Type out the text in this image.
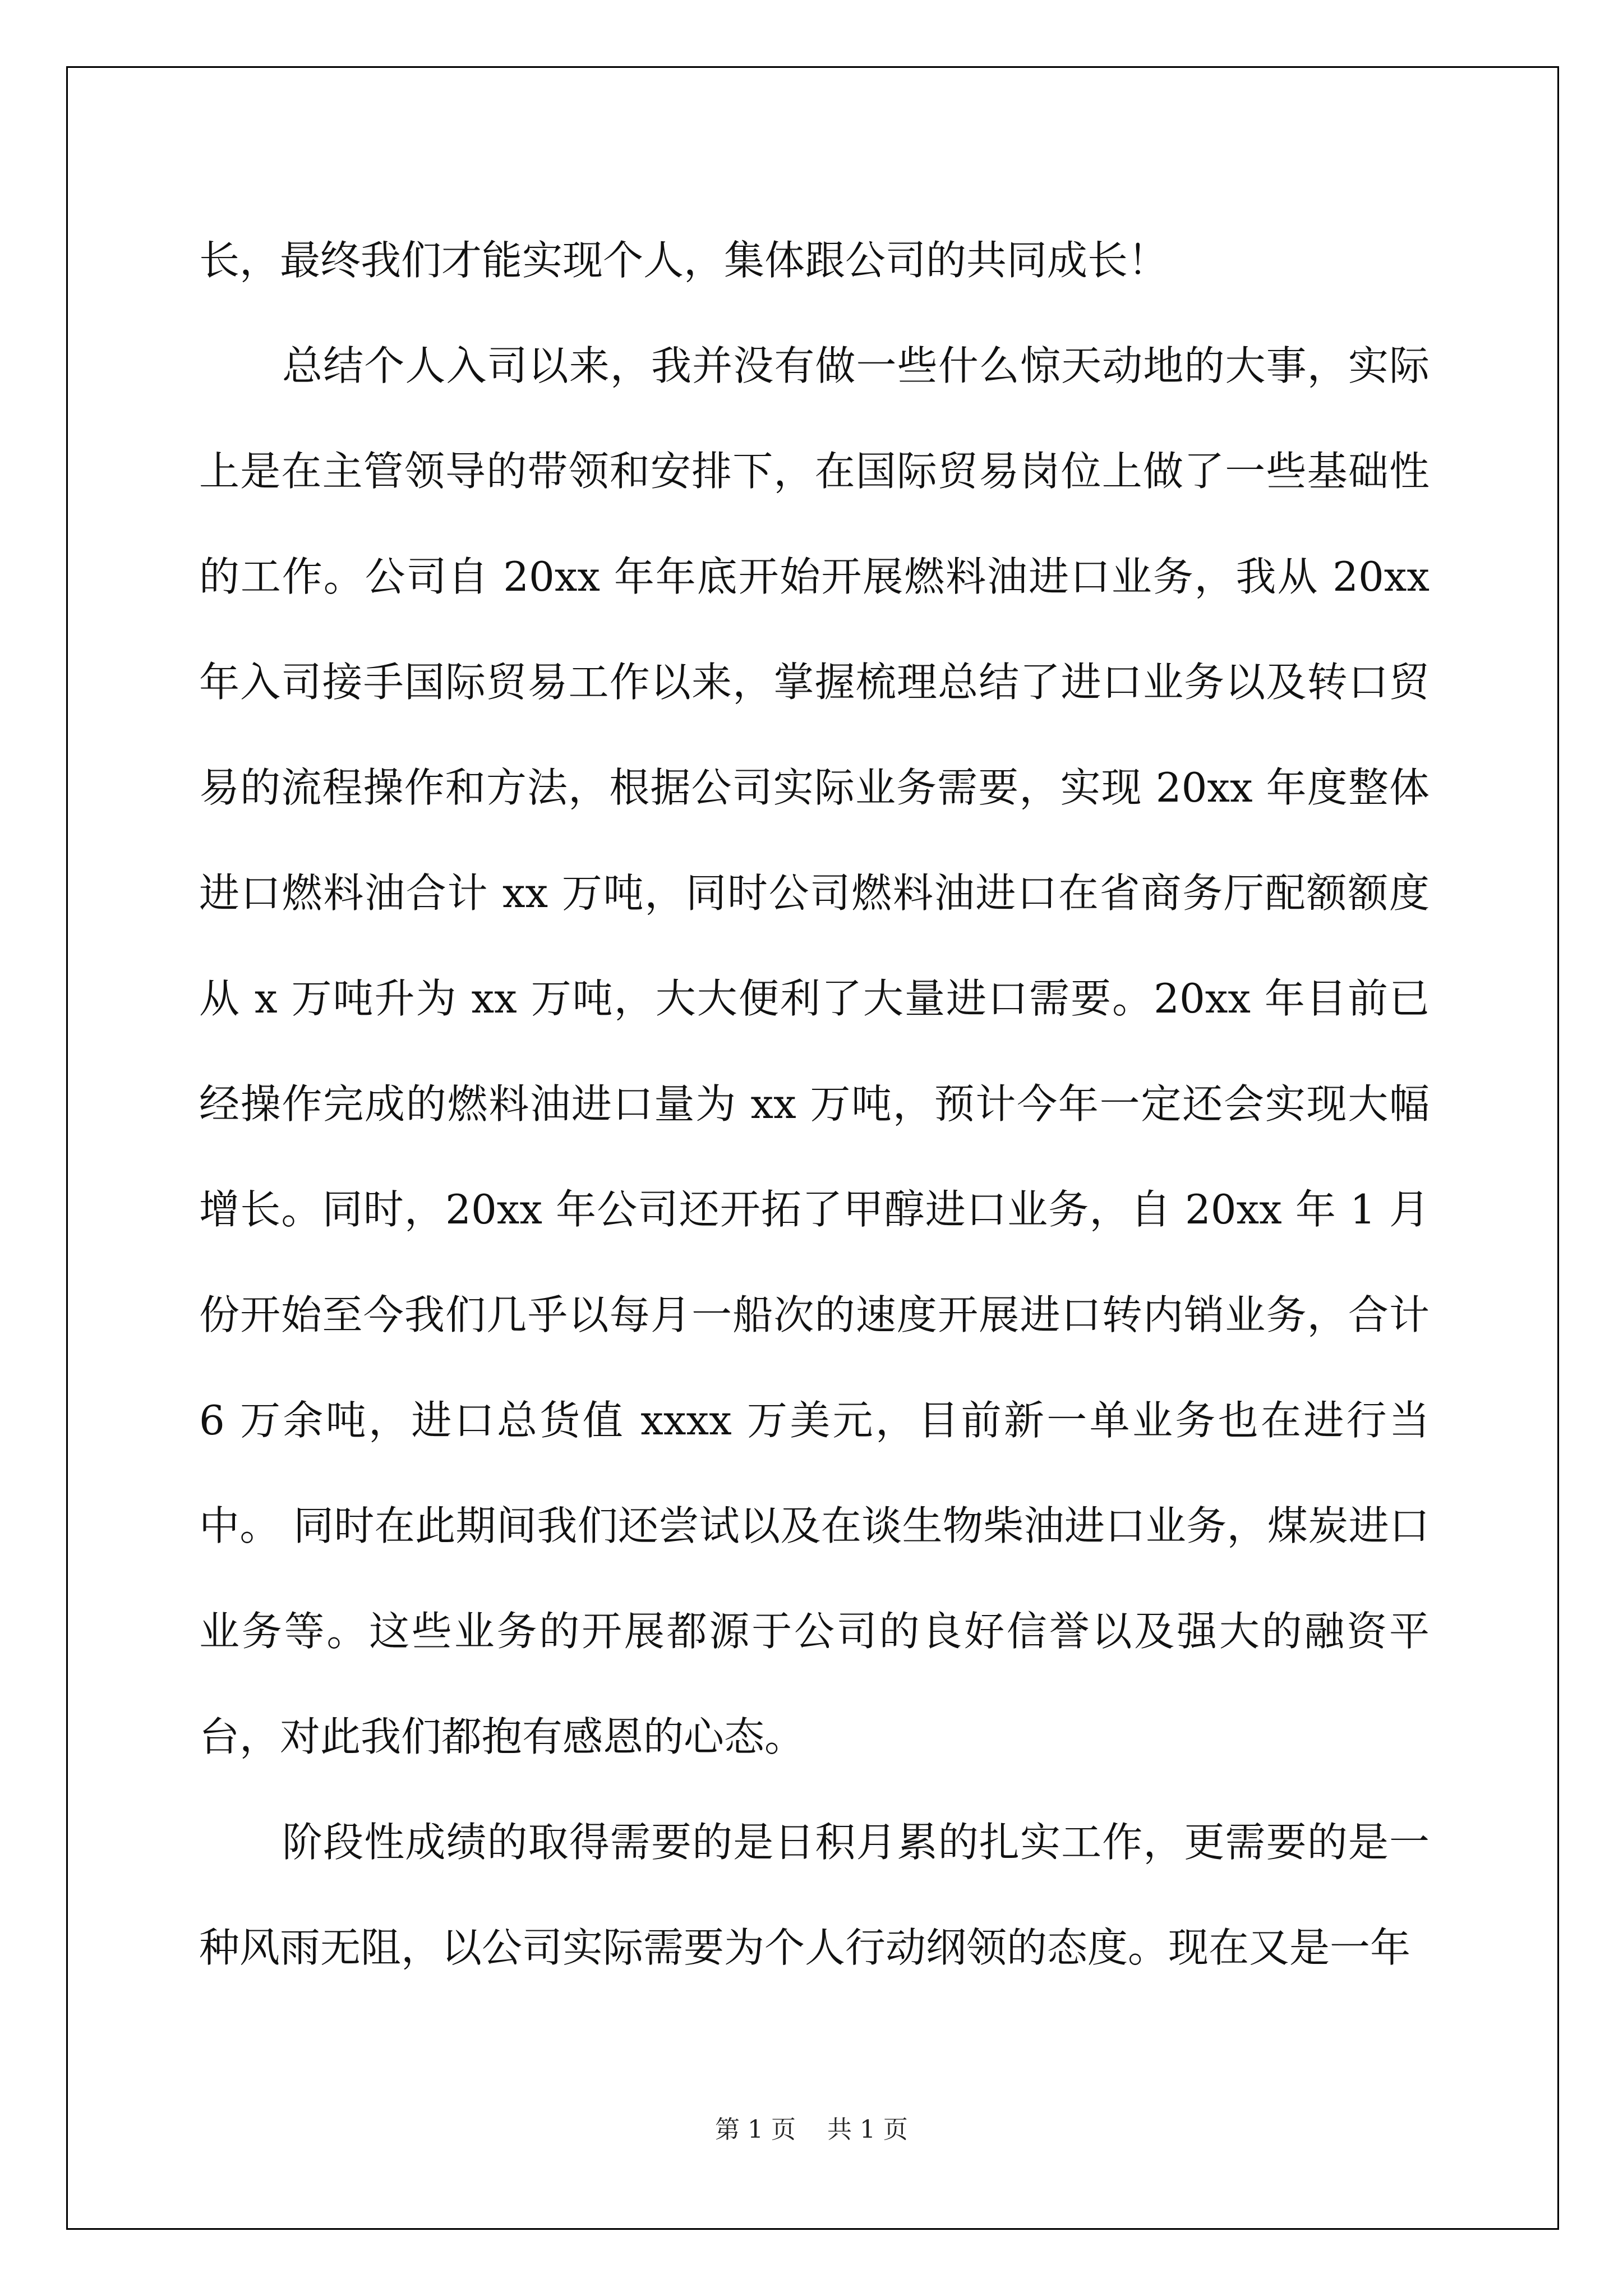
长，最终我们才能实现个人，集体跟公司的共同成长！

总结个人入司以来，我并没有做一些什么惊天动地的大事，实际上是在主管领导的带领和安排下，在国际贸易岗位上做了一些基础性的工作。公司自 20xx 年年底开始开展燃料油进口业务，我从 20xx 年入司接手国际贸易工作以来，掌握梳理总结了进口业务以及转口贸易的流程操作和方法，根据公司实际业务需要，实现 20xx 年度整体进口燃料油合计 xx 万吨，同时公司燃料油进口在省商务厅配额额度从 x 万吨升为 xx 万吨，大大便利了大量进口需要。20xx 年目前已经操作完成的燃料油进口量为 xx 万吨，预计今年一定还会实现大幅增长。同时，20xx 年公司还开拓了甲醇进口业务，自 20xx 年 1 月份开始至今我们几乎以每月一船次的速度开展进口转内销业务，合计 6 万余吨，进口总货值 xxxx 万美元，目前新一单业务也在进行当中。 同时在此期间我们还尝试以及在谈生物柴油进口业务，煤炭进口业务等。这些业务的开展都源于公司的良好信誉以及强大的融资平台，对此我们都抱有感恩的心态。

阶段性成绩的取得需要的是日积月累的扎实工作，更需要的是一种风雨无阻，以公司实际需要为个人行动纲领的态度。现在又是一年

第 1 页    共 1 页
